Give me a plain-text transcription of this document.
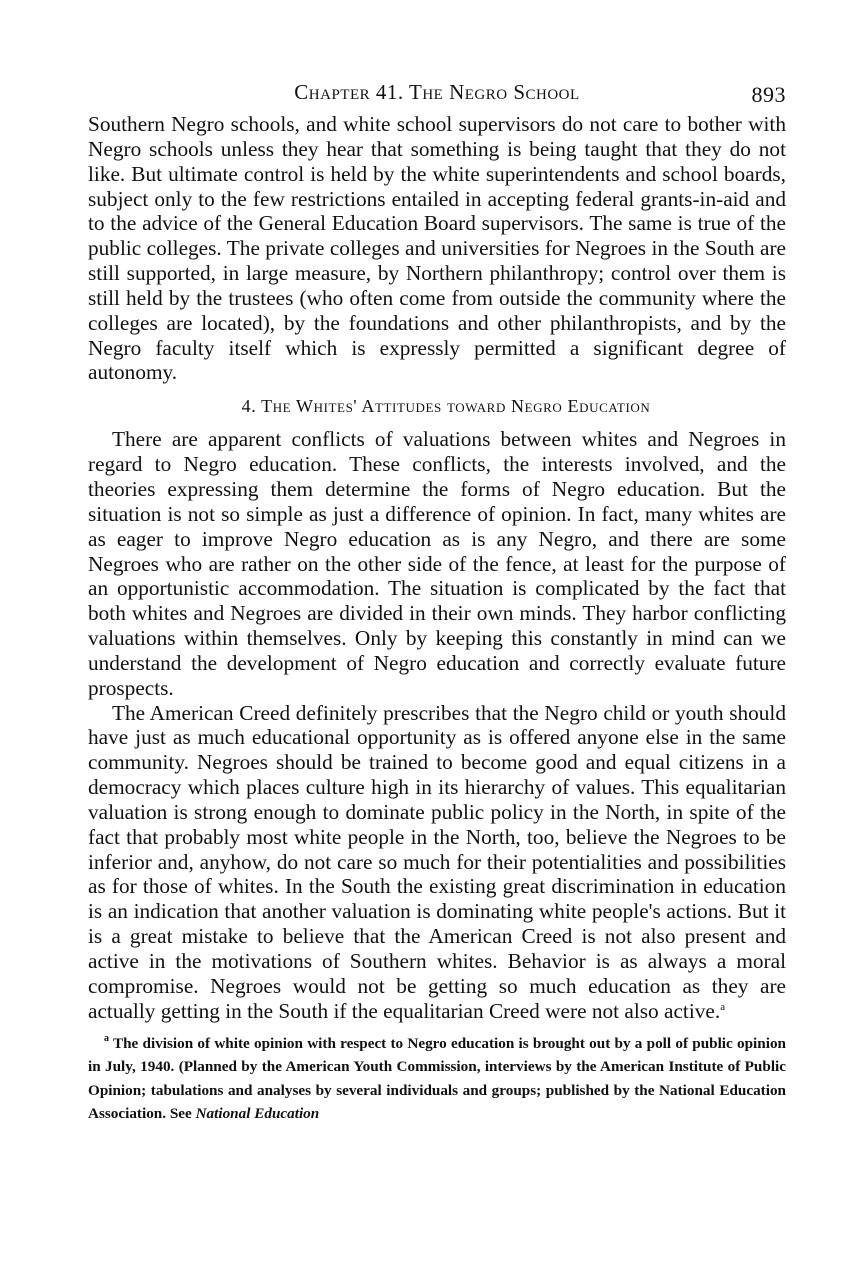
Chapter 41. The Negro School	893

Southern Negro schools, and white school supervisors do not care to bother with Negro schools unless they hear that something is being taught that they do not like. But ultimate control is held by the white superintendents and school boards, subject only to the few restrictions entailed in accepting federal grants-in-aid and to the advice of the General Education Board supervisors. The same is true of the public colleges. The private colleges and universities for Negroes in the South are still supported, in large measure, by Northern philanthropy; control over them is still held by the trustees (who often come from outside the community where the colleges are located), by the foundations and other philanthropists, and by the Negro faculty itself which is expressly permitted a significant degree of autonomy.

4. The Whites' Attitudes toward Negro Education

There are apparent conflicts of valuations between whites and Negroes in regard to Negro education. These conflicts, the interests involved, and the theories expressing them determine the forms of Negro education. But the situation is not so simple as just a difference of opinion. In fact, many whites are as eager to improve Negro education as is any Negro, and there are some Negroes who are rather on the other side of the fence, at least for the purpose of an opportunistic accommodation. The situation is complicated by the fact that both whites and Negroes are divided in their own minds. They harbor conflicting valuations within themselves. Only by keeping this constantly in mind can we understand the development of Negro education and correctly evaluate future prospects.

The American Creed definitely prescribes that the Negro child or youth should have just as much educational opportunity as is offered anyone else in the same community. Negroes should be trained to become good and equal citizens in a democracy which places culture high in its hierarchy of values. This equalitarian valuation is strong enough to dominate public policy in the North, in spite of the fact that probably most white people in the North, too, believe the Negroes to be inferior and, anyhow, do not care so much for their potentialities and possibilities as for those of whites. In the South the existing great discrimination in education is an indication that another valuation is dominating white people's actions. But it is a great mistake to believe that the American Creed is not also present and active in the motivations of Southern whites. Behavior is as always a moral compromise. Negroes would not be getting so much education as they are actually getting in the South if the equalitarian Creed were not also active.$^a$

$^a$ The division of white opinion with respect to Negro education is brought out by a poll of public opinion in July, 1940. (Planned by the American Youth Commission, interviews by the American Institute of Public Opinion; tabulations and analyses by several individuals and groups; published by the National Education Association. See National Education
